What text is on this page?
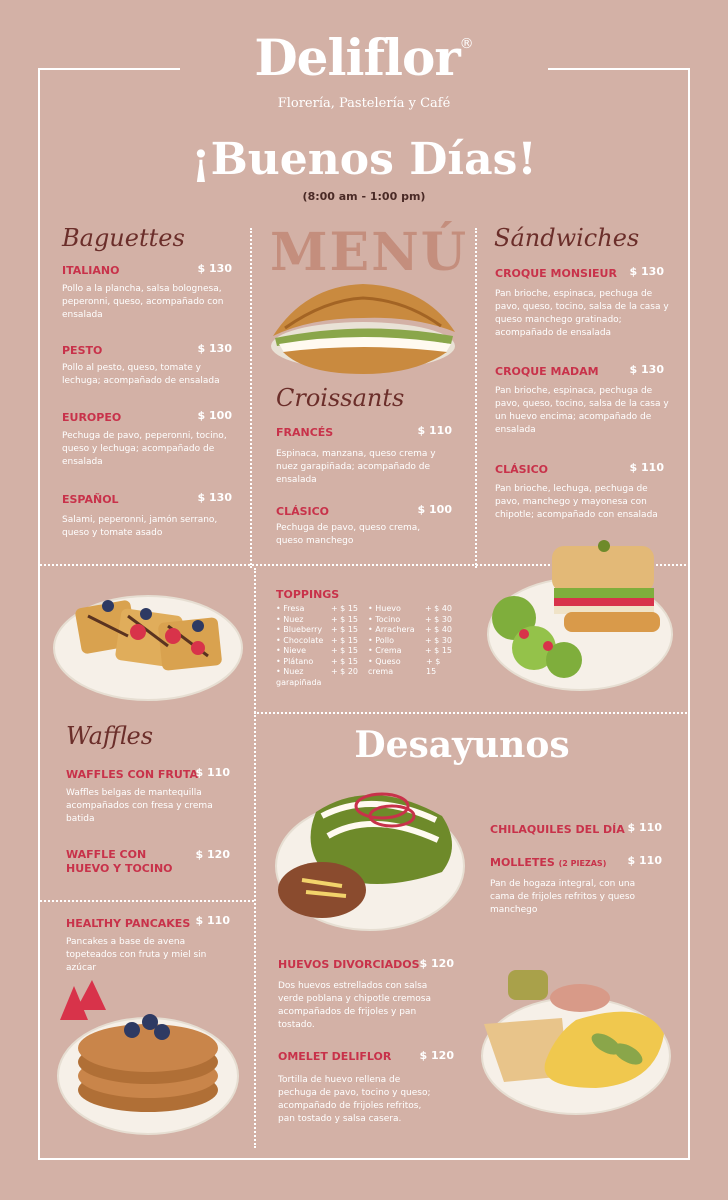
Deliflor®
Florería, Pastelería y Café
¡Buenos Días!
(8:00 am - 1:00 pm)
Baguettes
ITALIANO	$ 130
Pollo a la plancha, salsa bolognesa, peperonni, queso, acompañado con ensalada
PESTO	$ 130
Pollo al pesto, queso, tomate y lechuga; acompañado de ensalada
EUROPEO	$ 100
Pechuga de pavo, peperonni, tocino, queso y lechuga; acompañado de ensalada
ESPAÑOL	$ 130
Salami, peperonni, jamón serrano, queso y tomate asado
MENÚ
Croissants
FRANCÉS	$ 110
Espinaca, manzana, queso crema y nuez garapiñada; acompañado de ensalada
CLÁSICO	$ 100
Pechuga de pavo, queso crema, queso manchego
Sándwiches
CROQUE MONSIEUR	$ 130
Pan brioche, espinaca, pechuga de pavo, queso, tocino, salsa de la casa y queso manchego gratinado; acompañado de ensalada
CROQUE MADAM	$ 130
Pan brioche, espinaca, pechuga de pavo, queso, tocino, salsa de la casa y un huevo encima; acompañado de ensalada
CLÁSICO	$ 110
Pan brioche, lechuga, pechuga de pavo, manchego y mayonesa con chipotle; acompañado con ensalada
TOPPINGS
• Fresa	+ $ 15
• Nuez	+ $ 15
• Blueberry + $ 15
• Chocolate + $ 15
• Nieve	+ $ 15
• Plátano + $ 15
• Nuez garapiñada
+ $ 20
• Huevo	+ $ 40
• Tocino	+ $ 30
• Arrachera + $ 40
• Pollo	+ $ 30
• Crema	+ $ 15
• Queso crema
+ $ 15
Waffles
WAFFLES CON FRUTA
$ 110
Waffles belgas de mantequilla acompañados con fresa y crema batida
WAFFLE CON HUEVO Y TOCINO
$ 120
HEALTHY PANCAKES $ 110
Pancakes a base de avena topeteados con fruta y miel sin azúcar
Desayunos
CHILAQUILES DEL DÍA $ 110
MOLLETES (2 PIEZAS)	$ 110
Pan de hogaza integral, con una cama de frijoles refritos y queso manchego
HUEVOS DIVORCIADOS $ 120
Dos huevos estrellados con salsa verde poblana y chipotle cremosa acompañados de frijoles y pan tostado.
OMELET DELIFLOR	$ 120
Tortilla de huevo rellena de pechuga de pavo, tocino y queso; acompañado de frijoles refritos, pan tostado y salsa casera.
